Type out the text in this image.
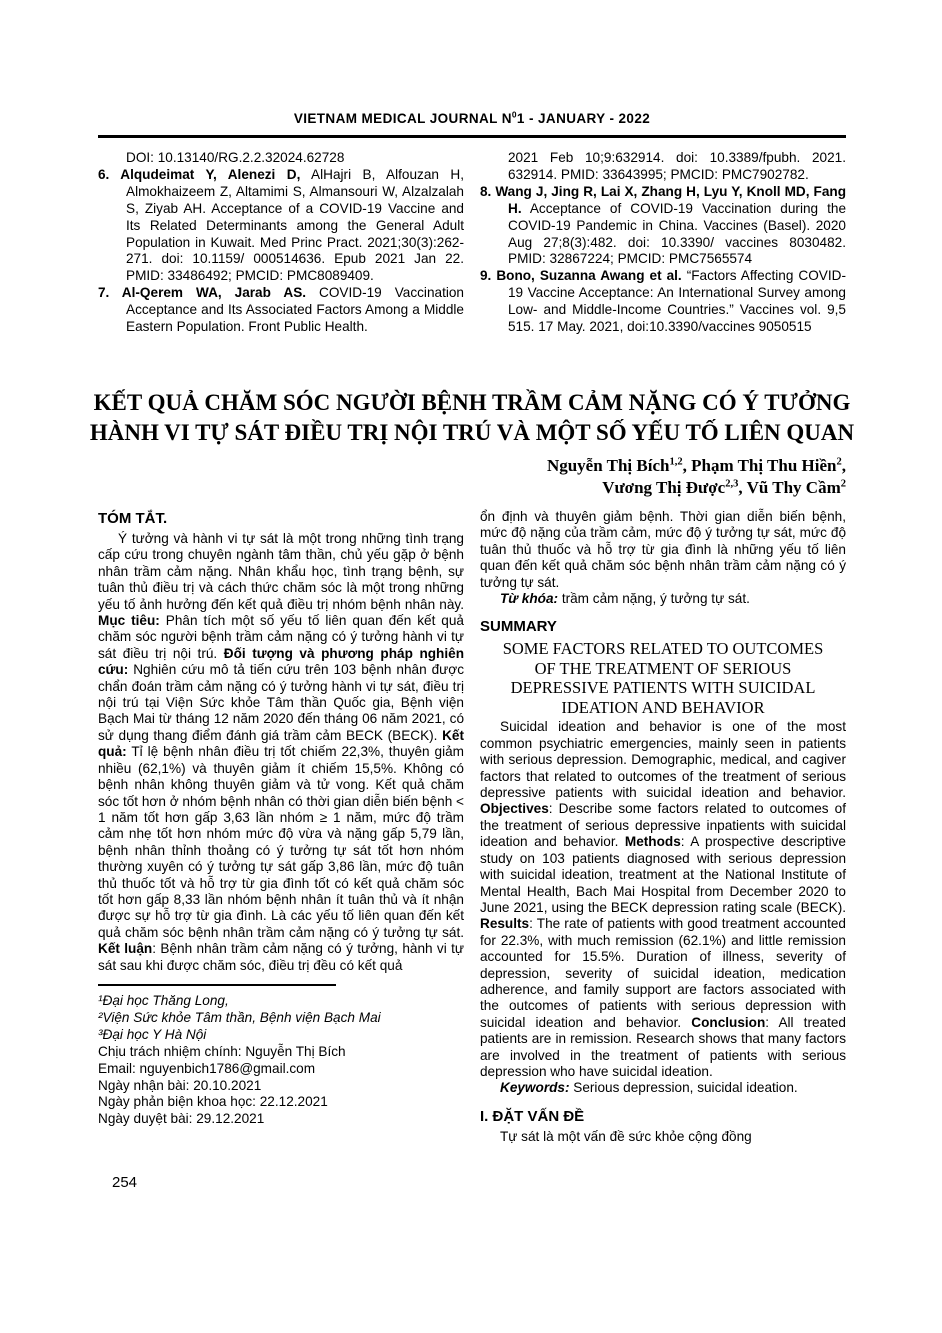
VIETNAM MEDICAL JOURNAL $N^01$ - JANUARY - 2022

DOI: 10.13140/RG.2.2.32024.62728

6. Alqudeimat Y, Alenezi D, AlHajri B, Alfouzan H, Almokhaizeem Z, Altamimi S, Almansouri W, Alzalzalah S, Ziyab AH. Acceptance of a COVID-19 Vaccine and Its Related Determinants among the General Adult Population in Kuwait. Med Princ Pract. 2021;30(3):262-271. doi: 10.1159/ 000514636. Epub 2021 Jan 22. PMID: 33486492; PMCID: PMC8089409.

7. Al-Qerem WA, Jarab AS. COVID-19 Vaccination Acceptance and Its Associated Factors Among a Middle Eastern Population. Front Public Health.

2021 Feb 10;9:632914. doi: 10.3389/fpubh. 2021. 632914. PMID: 33643995; PMCID: PMC7902782.

8. Wang J, Jing R, Lai X, Zhang H, Lyu Y, Knoll MD, Fang H. Acceptance of COVID-19 Vaccination during the COVID-19 Pandemic in China. Vaccines (Basel). 2020 Aug 27;8(3):482. doi: 10.3390/ vaccines 8030482. PMID: 32867224; PMCID: PMC7565574

9. Bono, Suzanna Awang et al. “Factors Affecting COVID-19 Vaccine Acceptance: An International Survey among Low- and Middle-Income Countries.” Vaccines vol. 9,5 515. 17 May. 2021, doi:10.3390/vaccines 9050515

KẾT QUẢ CHĂM SÓC NGƯỜI BỆNH TRẦM CẢM NẶNG CÓ Ý TƯỞNG
HÀNH VI TỰ SÁT ĐIỀU TRỊ NỘI TRÚ VÀ MỘT SỐ YẾU TỐ LIÊN QUAN
Nguyễn Thị Bích$^{1,2}$, Phạm Thị Thu Hiền$^2$,
Vương Thị Được$^{2,3}$, Vũ Thy Cầm$^2$
TÓM TẮT.

Ý tưởng và hành vi tự sát là một trong những tình trạng cấp cứu trong chuyên ngành tâm thần, chủ yếu gặp ở bệnh nhân trầm cảm nặng. Nhân khẩu học, tình trạng bệnh, sự tuân thủ điều trị và cách thức chăm sóc là một trong những yếu tố ảnh hưởng đến kết quả điều trị nhóm bệnh nhân này. Mục tiêu: Phân tích một số yếu tố liên quan đến kết quả chăm sóc người bệnh trầm cảm nặng có ý tưởng hành vi tự sát điều trị nội trú. Đối tượng và phương pháp nghiên cứu: Nghiên cứu mô tả tiến cứu trên 103 bệnh nhân được chẩn đoán trầm cảm nặng có ý tưởng hành vi tự sát, điều trị nội trú tại Viện Sức khỏe Tâm thần Quốc gia, Bệnh viện Bạch Mai từ tháng 12 năm 2020 đến tháng 06 năm 2021, có sử dụng thang điểm đánh giá trầm cảm BECK (BECK). Kết quả: Tỉ lệ bệnh nhân điều trị tốt chiếm 22,3%, thuyên giảm nhiều (62,1%) và thuyên giảm ít chiếm 15,5%. Không có bệnh nhân không thuyên giảm và tử vong. Kết quả chăm sóc tốt hơn ở nhóm bệnh nhân có thời gian diễn biến bệnh < 1 năm tốt hơn gấp 3,63 lần nhóm ≥ 1 năm, mức độ trầm cảm nhẹ tốt hơn nhóm mức độ vừa và nặng gấp 5,79 lần, bệnh nhân thỉnh thoảng có ý tưởng tự sát tốt hơn nhóm thường xuyên có ý tưởng tự sát gấp 3,86 lần, mức độ tuân thủ thuốc tốt và hỗ trợ từ gia đình tốt có kết quả chăm sóc tốt hơn gấp 8,33 lần nhóm bệnh nhân ít tuân thủ và ít nhận được sự hỗ trợ từ gia đình. Là các yếu tố liên quan đến kết quả chăm sóc bệnh nhân trầm cảm nặng có ý tưởng tự sát. Kết luận: Bệnh nhân trầm cảm nặng có ý tưởng, hành vi tự sát sau khi được chăm sóc, điều trị đều có kết quả

¹Đại học Thăng Long,
²Viện Sức khỏe Tâm thần, Bệnh viện Bạch Mai
³Đại học Y Hà Nội
Chịu trách nhiệm chính: Nguyễn Thị Bích
Email: nguyenbich1786@gmail.com
Ngày nhận bài: 20.10.2021
Ngày phản biện khoa học: 22.12.2021
Ngày duyệt bài: 29.12.2021

ổn định và thuyên giảm bệnh. Thời gian diễn biến bệnh, mức độ nặng của trầm cảm, mức độ ý tưởng tự sát, mức độ tuân thủ thuốc và hỗ trợ từ gia đình là những yếu tố liên quan đến kết quả chăm sóc bệnh nhân trầm cảm nặng có ý tưởng tự sát.

Từ khóa: trầm cảm nặng, ý tưởng tự sát.

SUMMARY
SOME FACTORS RELATED TO OUTCOMES
OF THE TREATMENT OF SERIOUS
DEPRESSIVE PATIENTS WITH SUICIDAL
IDEATION AND BEHAVIOR

Suicidal ideation and behavior is one of the most common psychiatric emergencies, mainly seen in patients with serious depression. Demographic, medical, and cagiver factors that related to outcomes of the treatment of serious depressive patients with suicidal ideation and behavior. Objectives: Describe some factors related to outcomes of the treatment of serious depressive inpatients with suicidal ideation and behavior. Methods: A prospective descriptive study on 103 patients diagnosed with serious depression with suicidal ideation, treatment at the National Institute of Mental Health, Bach Mai Hospital from December 2020 to June 2021, using the BECK depression rating scale (BECK). Results: The rate of patients with good treatment accounted for 22.3%, with much remission (62.1%) and little remission accounted for 15.5%. Duration of illness, severity of depression, severity of suicidal ideation, medication adherence, and family support are factors associated with the outcomes of patients with serious depression with suicidal ideation and behavior. Conclusion: All treated patients are in remission. Research shows that many factors are involved in the treatment of patients with serious depression who have suicidal ideation.

Keywords: Serious depression, suicidal ideation.

I. ĐẶT VẤN ĐỀ

Tự sát là một vấn đề sức khỏe cộng đồng

254
